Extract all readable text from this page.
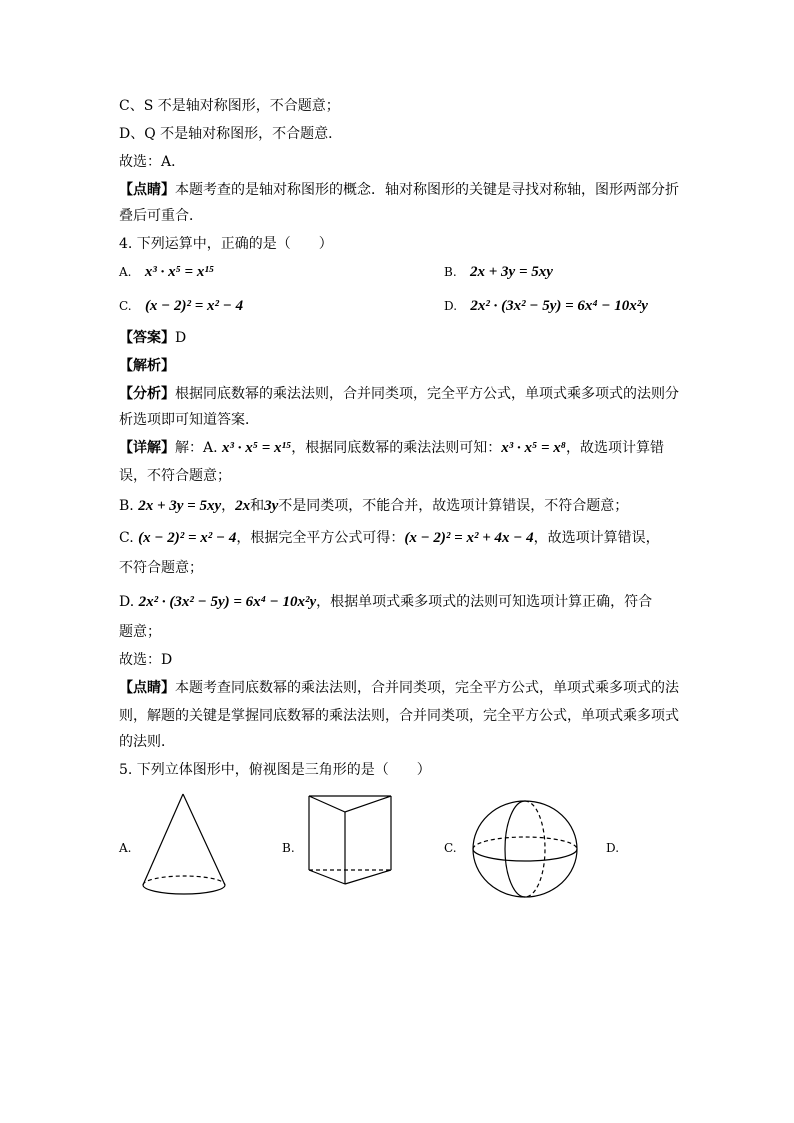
C、S 不是轴对称图形，不合题意；
D、Q 不是轴对称图形，不合题意．
故选：A．
【点睛】本题考查的是轴对称图形的概念．轴对称图形的关键是寻找对称轴，图形两部分折
叠后可重合．
4. 下列运算中，正确的是（　　）
A. x³ · x⁵ = x¹⁵	B. 2x + 3y = 5xy
C. (x − 2)² = x² − 4	D. 2x² · (3x² − 5y) = 6x⁴ − 10x²y
【答案】D
【解析】
【分析】根据同底数幂的乘法法则，合并同类项，完全平方公式，单项式乘多项式的法则分
析选项即可知道答案．
【详解】解：A. x³ · x⁵ = x¹⁵，根据同底数幂的乘法法则可知：x³ · x⁵ = x⁸，故选项计算错
误，不符合题意；
B. 2x + 3y = 5xy，2x和3y不是同类项，不能合并，故选项计算错误，不符合题意；
C. (x − 2)² = x² − 4，根据完全平方公式可得：(x − 2)² = x² + 4x − 4，故选项计算错误，
不符合题意；
D. 2x² · (3x² − 5y) = 6x⁴ − 10x²y，根据单项式乘多项式的法则可知选项计算正确，符合
题意；
故选：D
【点睛】本题考查同底数幂的乘法法则，合并同类项，完全平方公式，单项式乘多项式的法
则，解题的关键是掌握同底数幂的乘法法则，合并同类项，完全平方公式，单项式乘多项式
的法则．
5. 下列立体图形中，俯视图是三角形的是（　　）
A.	B.	C.	D.
